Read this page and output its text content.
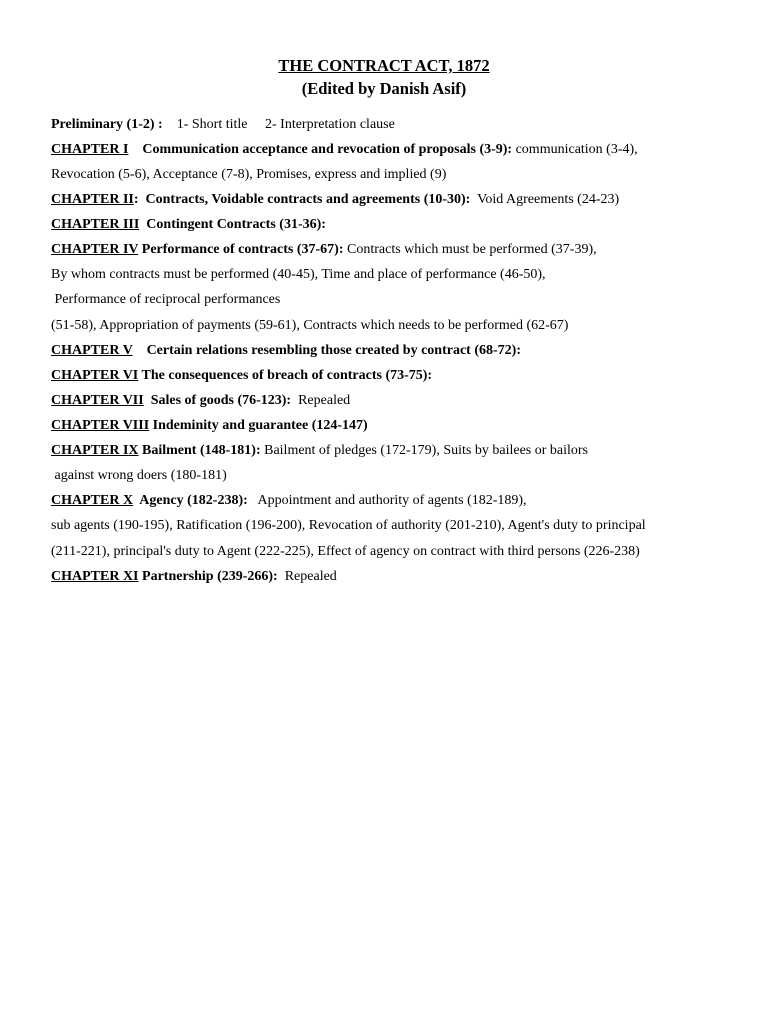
THE CONTRACT ACT, 1872
(Edited by Danish Asif)
Preliminary (1-2) :    1- Short title     2- Interpretation clause
CHAPTER I    Communication acceptance and revocation of proposals (3-9): communication (3-4),
Revocation (5-6), Acceptance (7-8), Promises, express and implied (9)
CHAPTER II:  Contracts, Voidable contracts and agreements (10-30):  Void Agreements (24-23)
CHAPTER III  Contingent Contracts (31-36):
CHAPTER IV Performance of contracts (37-67): Contracts which must be performed (37-39),
By whom contracts must be performed (40-45), Time and place of performance (46-50),
Performance of reciprocal performances
(51-58), Appropriation of payments (59-61), Contracts which needs to be performed (62-67)
CHAPTER V    Certain relations resembling those created by contract (68-72):
CHAPTER VI The consequences of breach of contracts (73-75):
CHAPTER VII  Sales of goods (76-123):  Repealed
CHAPTER VIII Indeminity and guarantee (124-147)
CHAPTER IX Bailment (148-181): Bailment of pledges (172-179), Suits by bailees or bailors
against wrong doers (180-181)
CHAPTER X  Agency (182-238):   Appointment and authority of agents (182-189),
sub agents (190-195), Ratification (196-200), Revocation of authority (201-210), Agent's duty to principal
(211-221), principal's duty to Agent (222-225), Effect of agency on contract with third persons (226-238)
CHAPTER XI Partnership (239-266):  Repealed
